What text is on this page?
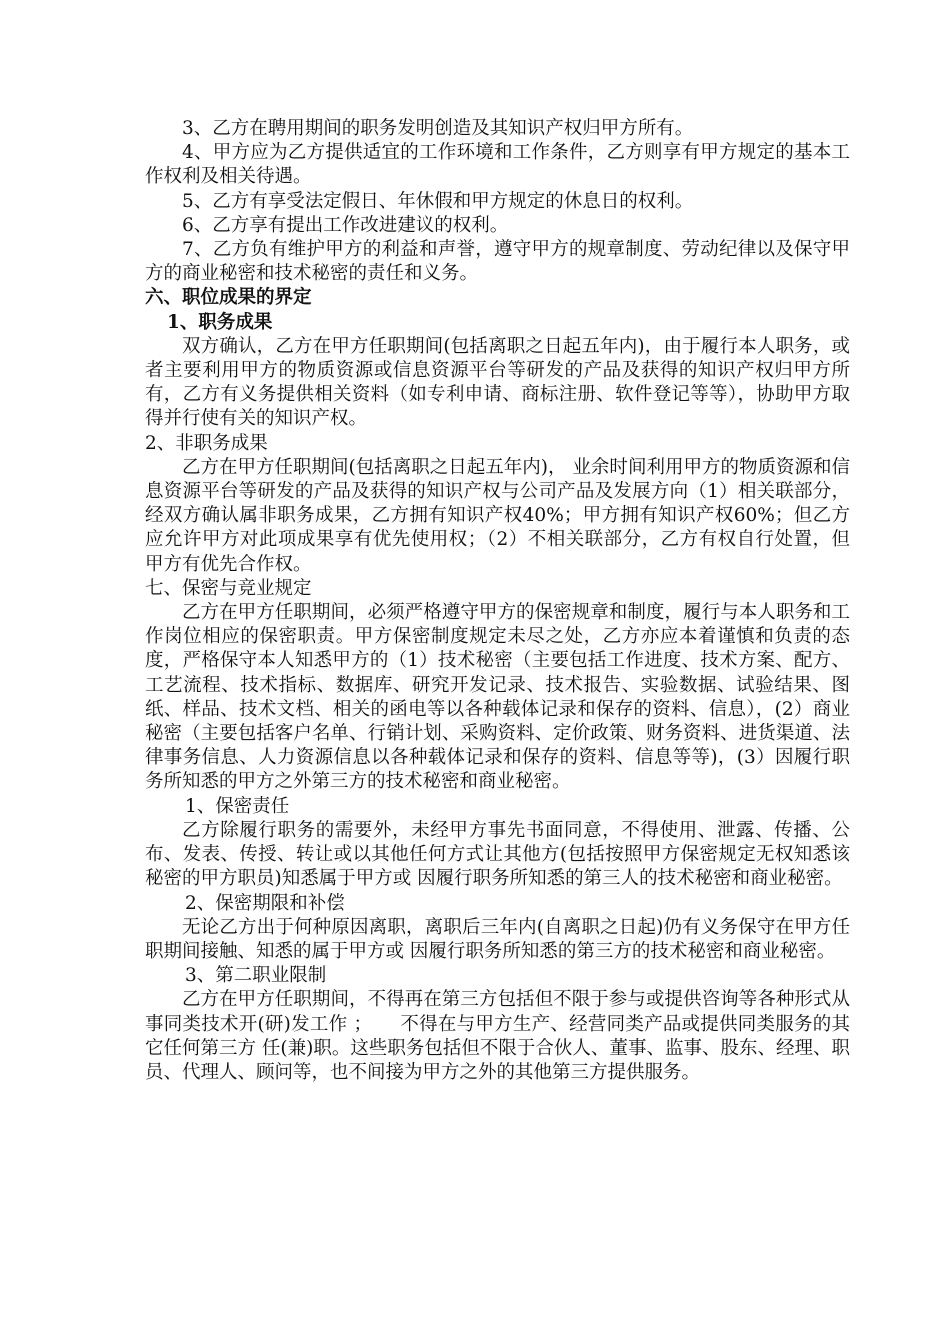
3、乙方在聘用期间的职务发明创造及其知识产权归甲方所有。

4、甲方应为乙方提供适宜的工作环境和工作条件，乙方则享有甲方规定的基本工作权利及相关待遇。

5、乙方有享受法定假日、年休假和甲方规定的休息日的权利。

6、乙方享有提出工作改进建议的权利。

7、乙方负有维护甲方的利益和声誉，遵守甲方的规章制度、劳动纪律以及保守甲方的商业秘密和技术秘密的责任和义务。

六、职位成果的界定

1、职务成果

双方确认，乙方在甲方任职期间(包括离职之日起五年内)，由于履行本人职务，或者主要利用甲方的物质资源或信息资源平台等研发的产品及获得的知识产权归甲方所有，乙方有义务提供相关资料（如专利申请、商标注册、软件登记等等），协助甲方取得并行使有关的知识产权。

2、非职务成果

乙方在甲方任职期间(包括离职之日起五年内)， 业余时间利用甲方的物质资源和信息资源平台等研发的产品及获得的知识产权与公司产品及发展方向（1）相关联部分，经双方确认属非职务成果，乙方拥有知识产权40%；甲方拥有知识产权60%；但乙方应允许甲方对此项成果享有优先使用权；（2）不相关联部分，乙方有权自行处置，但甲方有优先合作权。

七、保密与竞业规定

乙方在甲方任职期间，必须严格遵守甲方的保密规章和制度，履行与本人职务和工作岗位相应的保密职责。甲方保密制度规定未尽之处，乙方亦应本着谨慎和负责的态度，严格保守本人知悉甲方的（1）技术秘密（主要包括工作进度、技术方案、配方、工艺流程、技术指标、数据库、研究开发记录、技术报告、实验数据、试验结果、图纸、样品、技术文档、相关的函电等以各种载体记录和保存的资料、信息），(2）商业秘密（主要包括客户名单、行销计划、采购资料、定价政策、财务资料、进货渠道、法律事务信息、人力资源信息以各种载体记录和保存的资料、信息等等)，(3）因履行职务所知悉的甲方之外第三方的技术秘密和商业秘密。

1、保密责任

乙方除履行职务的需要外，未经甲方事先书面同意，不得使用、泄露、传播、公布、发表、传授、转让或以其他任何方式让其他方(包括按照甲方保密规定无权知悉该秘密的甲方职员)知悉属于甲方或 因履行职务所知悉的第三人的技术秘密和商业秘密。

2、保密期限和补偿

无论乙方出于何种原因离职，离职后三年内(自离职之日起)仍有义务保守在甲方任职期间接触、知悉的属于甲方或 因履行职务所知悉的第三方的技术秘密和商业秘密。

3、第二职业限制

乙方在甲方任职期间，不得再在第三方包括但不限于参与或提供咨询等各种形式从事同类技术开(研)发工作 ；　　不得在与甲方生产、经营同类产品或提供同类服务的其它任何第三方 任(兼)职。这些职务包括但不限于合伙人、董事、监事、股东、经理、职员、代理人、顾问等，也不间接为甲方之外的其他第三方提供服务。
